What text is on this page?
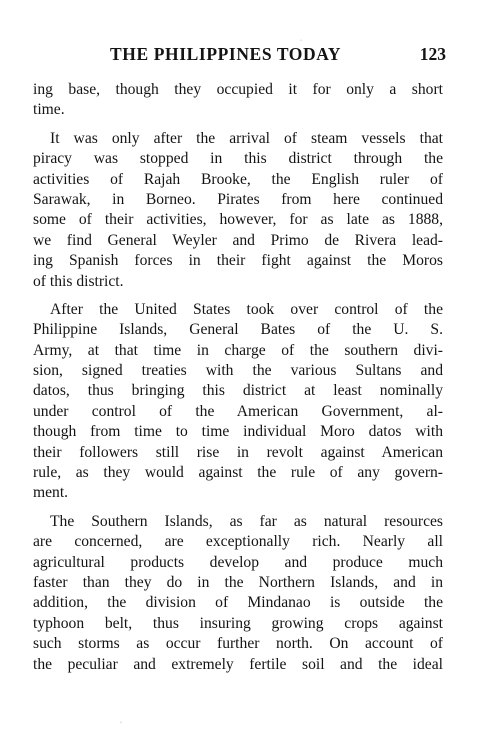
THE PHILIPPINES TODAY	123
ing base, though they occupied it for only a short
time.
It was only after the arrival of steam vessels that
piracy was stopped in this district through the
activities of Rajah Brooke, the English ruler of
Sarawak, in Borneo. Pirates from here continued
some of their activities, however, for as late as 1888,
we find General Weyler and Primo de Rivera lead-
ing Spanish forces in their fight against the Moros
of this district.
After the United States took over control of the
Philippine Islands, General Bates of the U. S.
Army, at that time in charge of the southern divi-
sion, signed treaties with the various Sultans and
datos, thus bringing this district at least nominally
under control of the American Government, al-
though from time to time individual Moro datos with
their followers still rise in revolt against American
rule, as they would against the rule of any govern-
ment.
The Southern Islands, as far as natural resources
are concerned, are exceptionally rich. Nearly all
agricultural products develop and produce much
faster than they do in the Northern Islands, and in
addition, the division of Mindanao is outside the
typhoon belt, thus insuring growing crops against
such storms as occur further north. On account of
the peculiar and extremely fertile soil and the ideal
·
·
